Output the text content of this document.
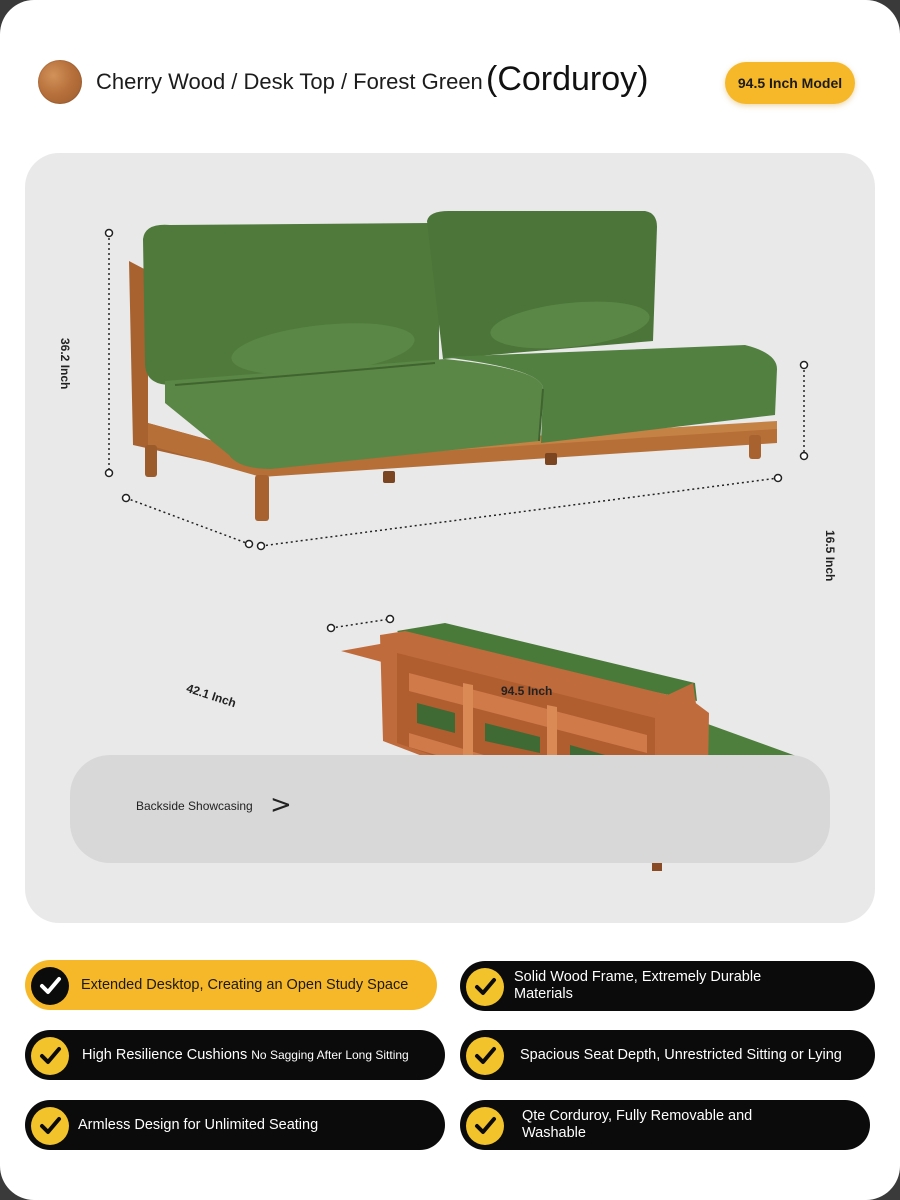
Cherry Wood / Desk Top / Forest Green (Corduroy)	94.5 Inch Model
36.2 Inch
16.5 Inch
42.1 Inch	94.5 Inch
Backside Showcasing >
Extended Desktop, Creating an Open Study Space	Solid Wood Frame, Extremely Durable Materials
High Resilience Cushions No Sagging After Long Sitting	Spacious Seat Depth, Unrestricted Sitting or Lying
Armless Design for Unlimited Seating
Qte Corduroy, Fully Removable and Washable
